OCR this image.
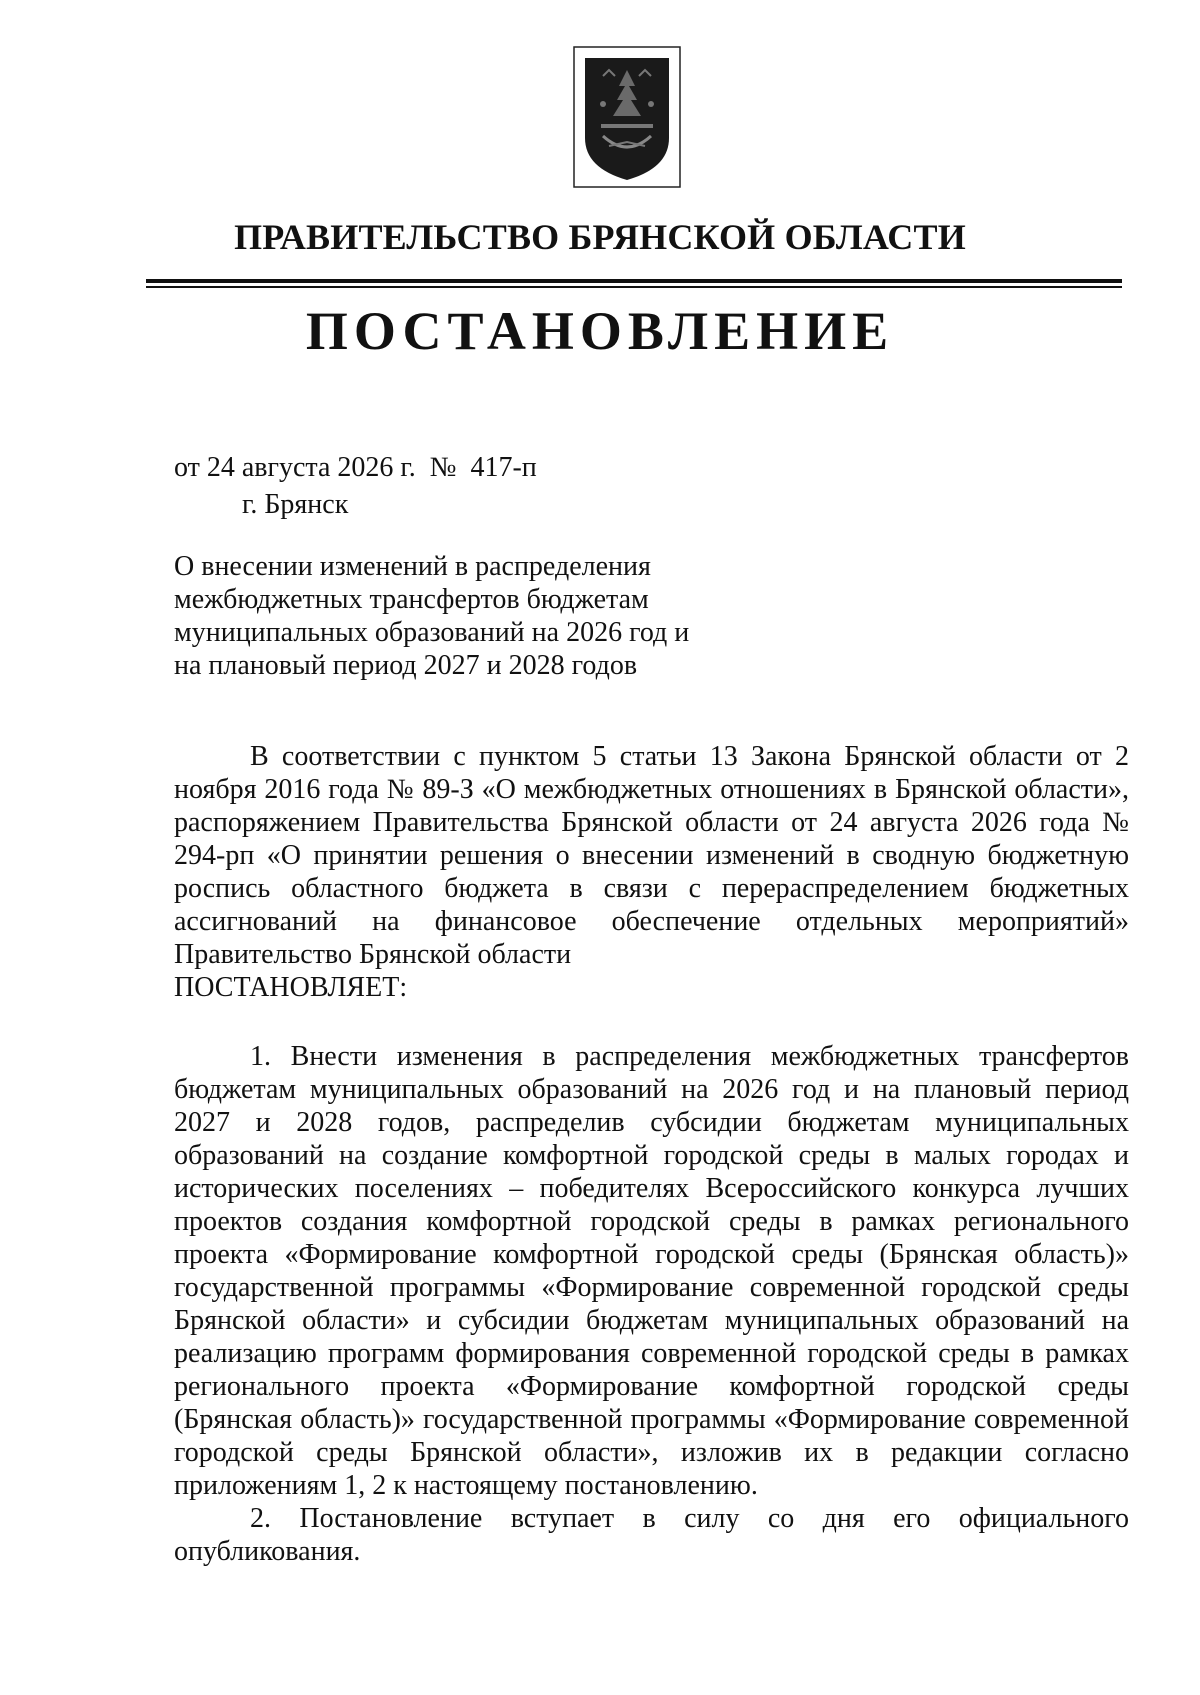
ПРАВИТЕЛЬСТВО БРЯНСКОЙ ОБЛАСТИ
ПОСТАНОВЛЕНИЕ
от 24 августа 2026 г.  №  417-п
г. Брянск
О внесении изменений в распределения межбюджетных трансфертов бюджетам муниципальных образований на 2026 год и на плановый период 2027 и 2028 годов

В соответствии с пунктом 5 статьи 13 Закона Брянской области от 2 ноября 2016 года № 89-З «О межбюджетных отношениях в Брянской области», распоряжением Правительства Брянской области от 24 августа 2026 года № 294-рп «О принятии решения о внесении изменений в сводную бюджетную роспись областного бюджета в связи с перераспределением бюджетных ассигнований на финансовое обеспечение отдельных мероприятий» Правительство Брянской области

ПОСТАНОВЛЯЕТ:

1. Внести изменения в распределения межбюджетных трансфертов бюджетам муниципальных образований на 2026 год и на плановый период 2027 и 2028 годов, распределив субсидии бюджетам муниципальных образований на создание комфортной городской среды в малых городах и исторических поселениях – победителях Всероссийского конкурса лучших проектов создания комфортной городской среды в рамках регионального проекта «Формирование комфортной городской среды (Брянская область)» государственной программы «Формирование современной городской среды Брянской области» и субсидии бюджетам муниципальных образований на реализацию программ формирования современной городской среды в рамках регионального проекта «Формирование комфортной городской среды (Брянская область)» государственной программы «Формирование современной городской среды Брянской области», изложив их в редакции согласно приложениям 1, 2 к настоящему постановлению.

2. Постановление вступает в силу со дня его официального опубликования.
